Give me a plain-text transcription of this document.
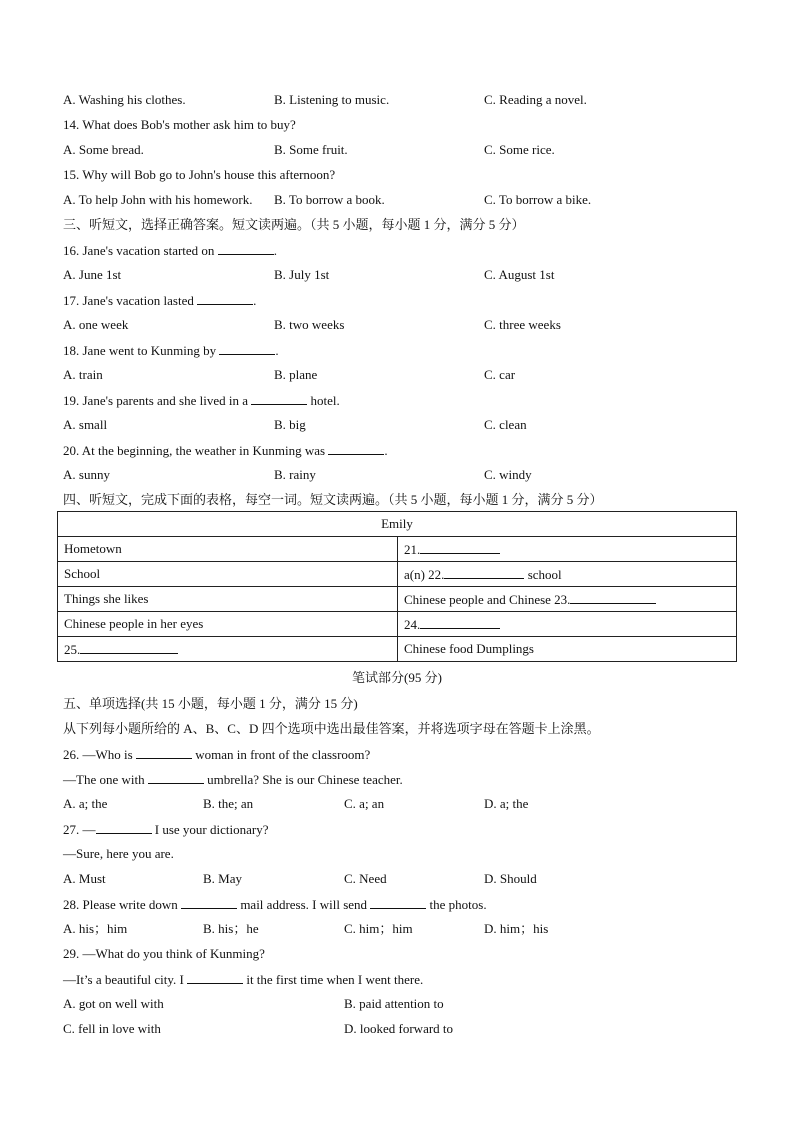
A. Washing his clothes.	B. Listening to music.	C. Reading a novel.
14. What does Bob's mother ask him to buy?
A. Some bread.	B. Some fruit.	C. Some rice.
15. Why will Bob go to John's house this afternoon?
A. To help John with his homework. B. To borrow a book.	C. To borrow a bike.
三、听短文，选择正确答案。短文读两遍。（共 5 小题，每小题 1 分，满分 5 分）
16. Jane's vacation started on	.
A. June 1st	B. July 1st	C. August 1st
17. Jane's vacation lasted	.
A. one week	B. two weeks	C. three weeks
18. Jane went to Kunming by	.
A. train	B. plane	C. car
19. Jane's parents and she lived in a	hotel.
A. small	B. big	C. clean
20. At the beginning, the weather in Kunming was	.
A. sunny	B. rainy	C. windy
四、听短文，完成下面的表格，每空一词。短文读两遍。（共 5 小题，每小题 1 分，满分 5 分）
Emily	
Hometown	21.
School	a(n) 22. school
Things she likes	Chinese people and Chinese 23.
Chinese people in her eyes	24.
25.	Chinese food Dumplings
笔试部分(95 分)
五、单项选择(共 15 小题，每小题 1 分，满分 15 分)
从下列每小题所给的 A、B、C、D 四个选项中选出最佳答案，并将选项字母在答题卡上涂黑。
26. —Who is	woman in front of the classroom?
—The one with	umbrella? She is our Chinese teacher.
A. a; the	B. the; an	C. a; an	D. a; the
27. —	I use your dictionary?
—Sure, here you are.
A. Must	B. May	C. Need	D. Should
28. Please write down	mail address. I will send	the photos.
A. his；him	B. his；he	C. him；him	D. him；his
29. —What do you think of Kunming?
—It’s a beautiful city. I	it the first time when I went there.
A. got on well with	B. paid attention to
C. fell in love with	D. looked forward to
